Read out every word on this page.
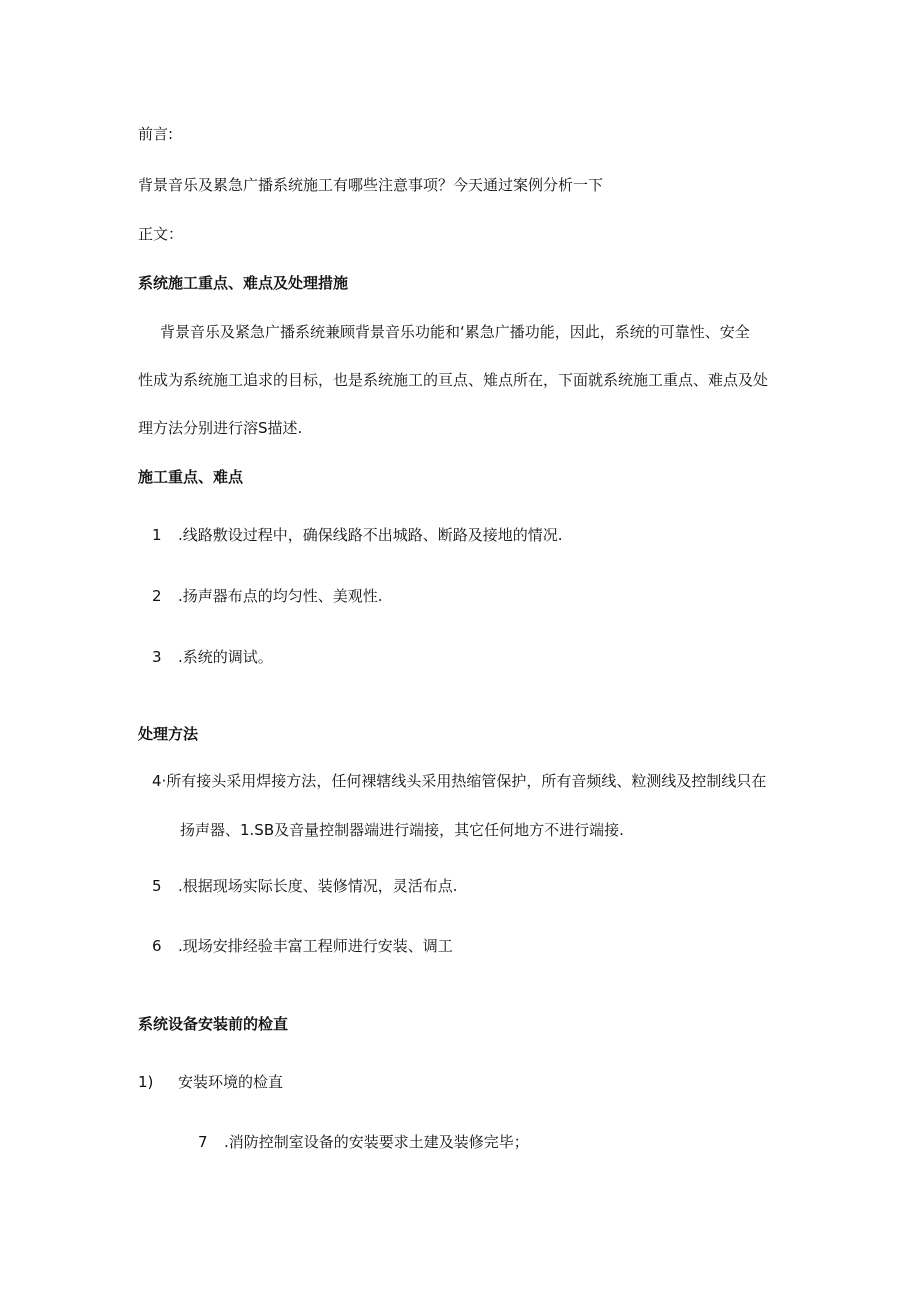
前言:
背景音乐及累急广播系统施工有哪些注意事项？今天通过案例分析一下
正文：
系统施工重点、难点及处理措施
背景音乐及紧急广播系统兼顾背景音乐功能和‘累急广播功能，因此，系统的可靠性、安全
性成为系统施工追求的目标，也是系统施工的亘点、雉点所在，下面就系统施工重点、难点及处
理方法分别进行溶S描述.
施工重点、难点
1 .线路敷设过程中，确保线路不出城路、断路及接地的情况.
2 .扬声器布点的均匀性、美观性.
3 .系统的调试。
处理方法
4·所有接头采用焊接方法，任何裸辖线头采用热缩管保护，所有音频线、粒测线及控制线只在
扬声器、1.SB及音量控制器端进行端接，其它任何地方不进行端接.
5 .根据现场实际长度、装修情况，灵活布点.
6 .现场安排经验丰富工程师进行安装、调工
系统设备安装前的检直
1) 安装环境的检直
7 .消防控制室设备的安装要求土建及装修完毕；
